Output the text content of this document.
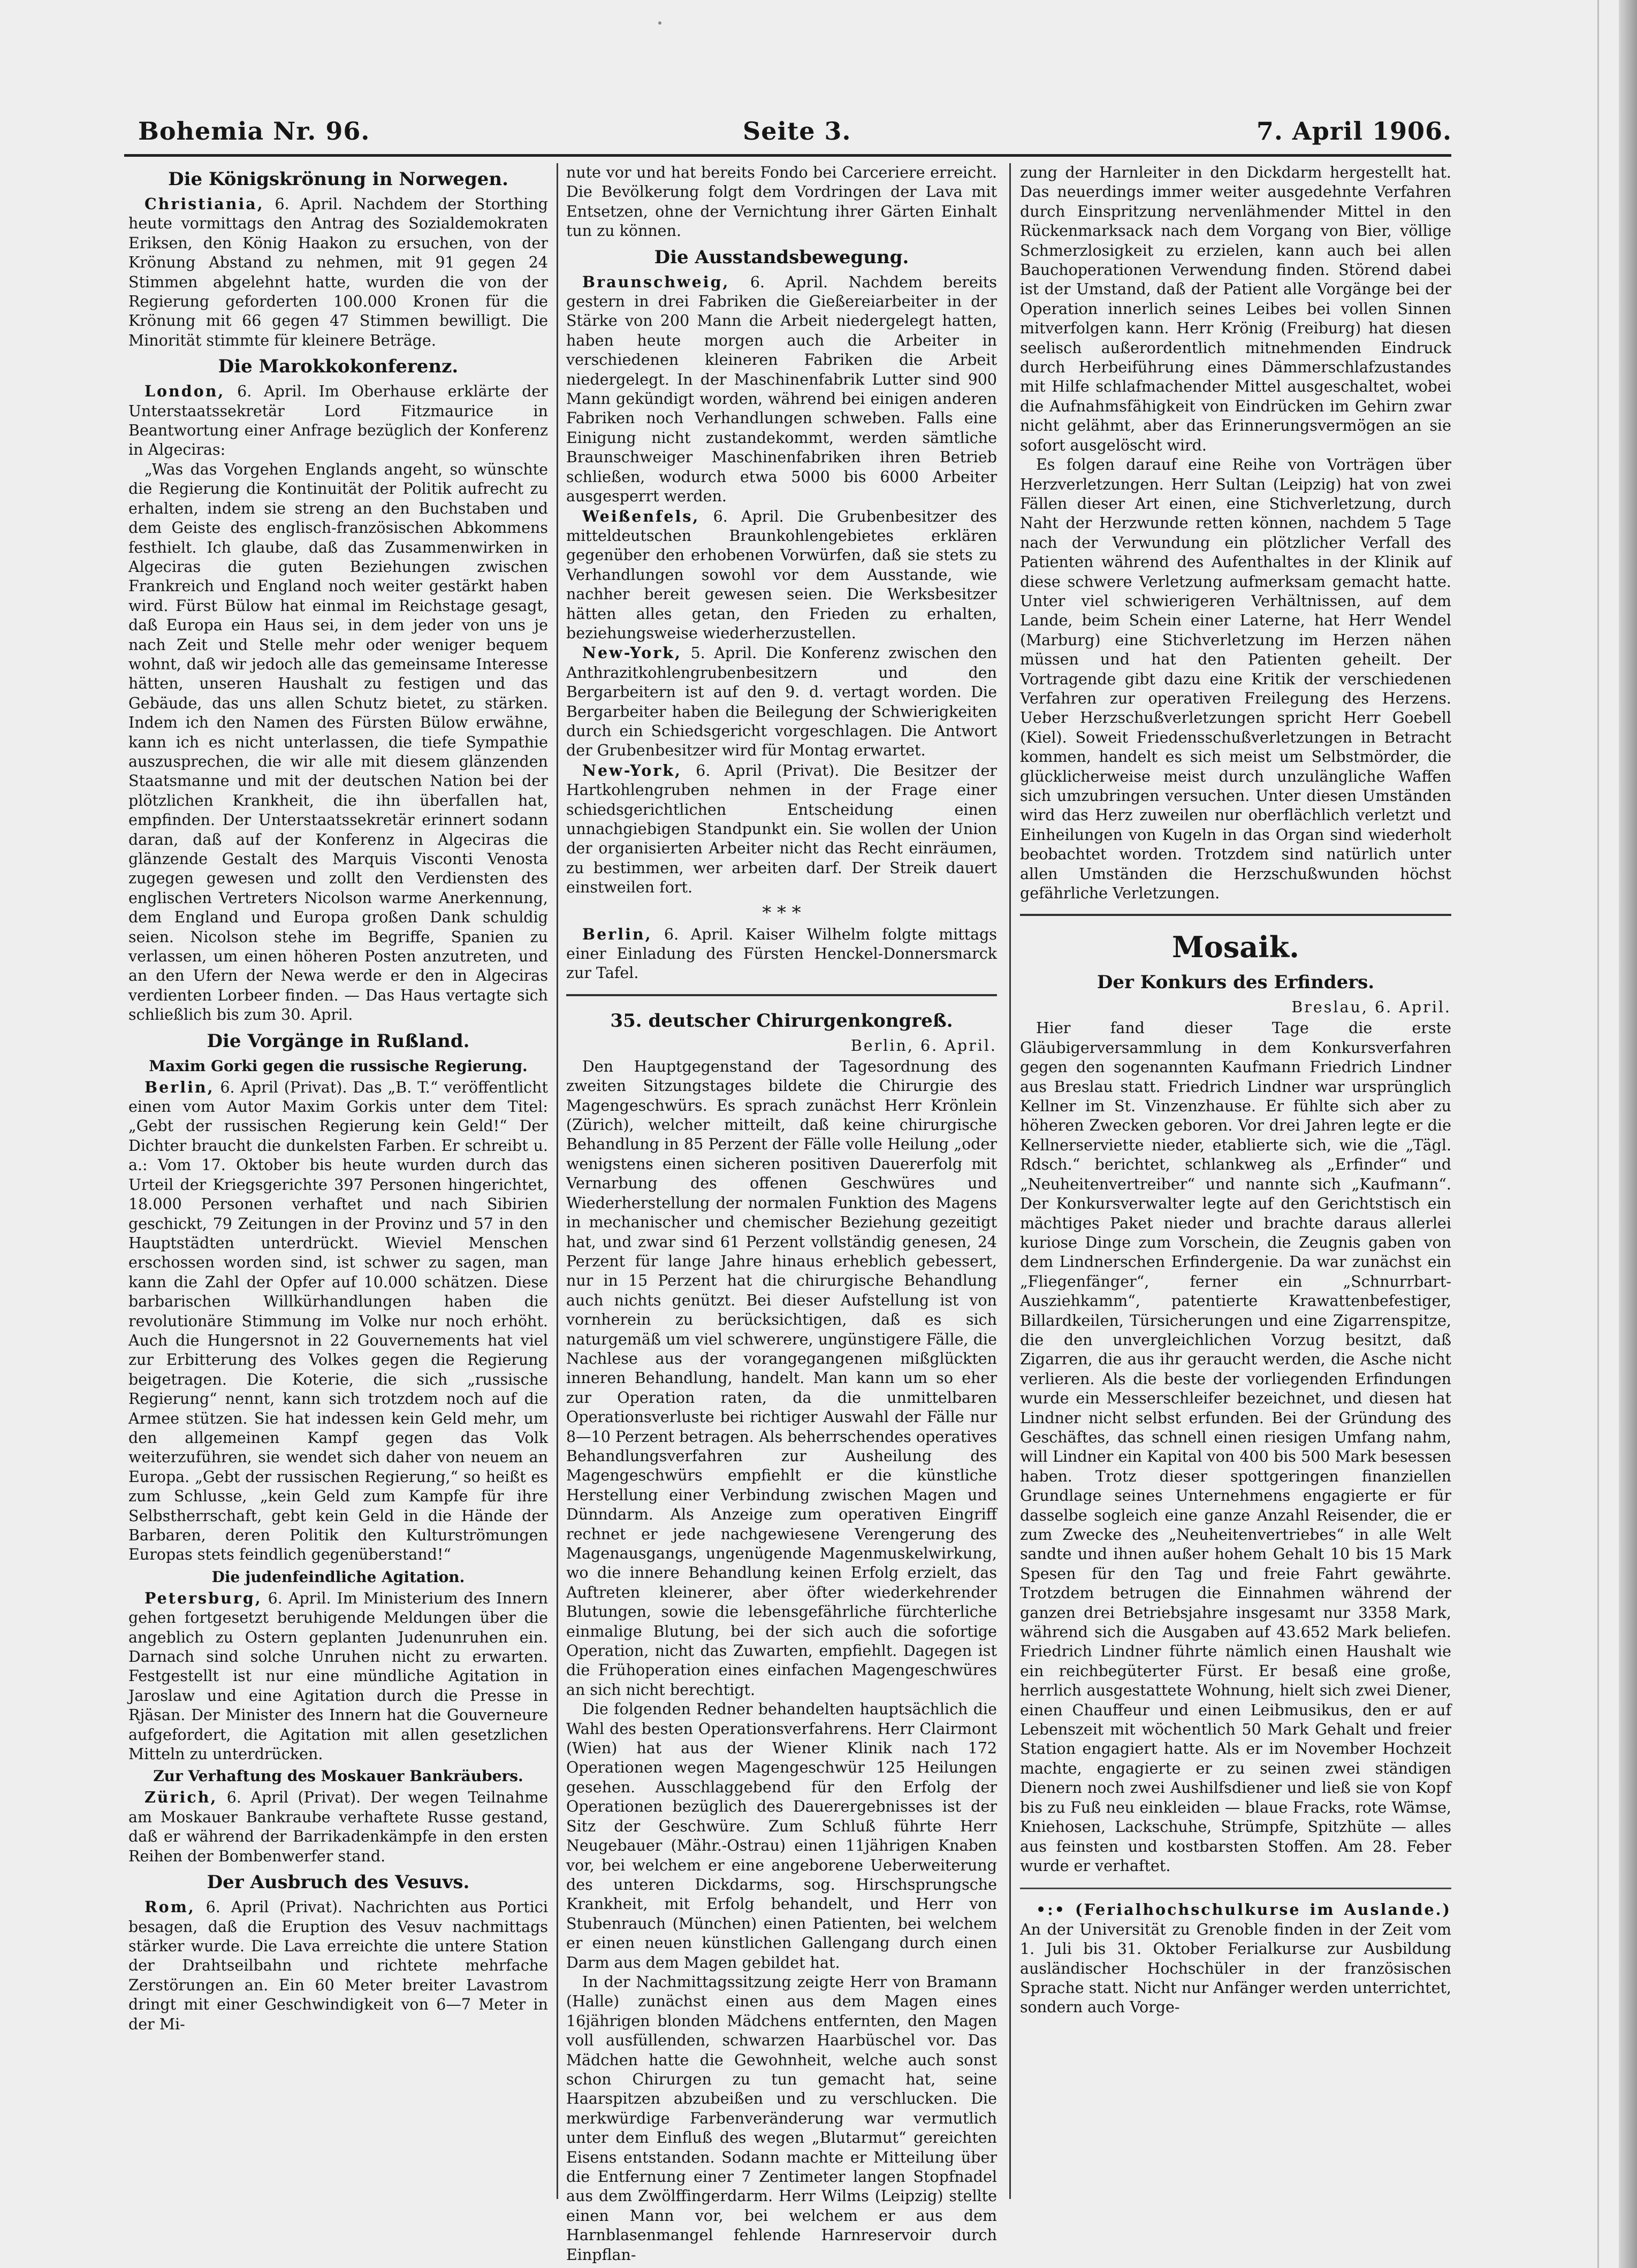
Bohemia Nr. 96.	Seite 3.	7. April 1906.
Die Königskrönung in Norwegen.

Christiania, 6. April. Nachdem der Storthing heute vormittags den Antrag des Sozialdemokraten Eriksen, den König Haakon zu ersuchen, von der Krönung Abstand zu nehmen, mit 91 gegen 24 Stimmen abgelehnt hatte, wurden die von der Regierung geforderten 100.000 Kronen für die Krönung mit 66 gegen 47 Stimmen bewilligt. Die Minorität stimmte für kleinere Beträge.

Die Marokkokonferenz.

London, 6. April. Im Oberhause erklärte der Unterstaatssekretär Lord Fitzmaurice in Beantwortung einer Anfrage bezüglich der Konferenz in Algeciras:

„Was das Vorgehen Englands angeht, so wünschte die Regierung die Kontinuität der Politik aufrecht zu erhalten, indem sie streng an den Buchstaben und dem Geiste des englisch-französischen Abkommens festhielt. Ich glaube, daß das Zusammenwirken in Algeciras die guten Beziehungen zwischen Frankreich und England noch weiter gestärkt haben wird. Fürst Bülow hat einmal im Reichstage gesagt, daß Europa ein Haus sei, in dem jeder von uns je nach Zeit und Stelle mehr oder weniger bequem wohnt, daß wir jedoch alle das gemeinsame Interesse hätten, unseren Haushalt zu festigen und das Gebäude, das uns allen Schutz bietet, zu stärken. Indem ich den Namen des Fürsten Bülow erwähne, kann ich es nicht unterlassen, die tiefe Sympathie auszusprechen, die wir alle mit diesem glänzenden Staatsmanne und mit der deutschen Nation bei der plötzlichen Krankheit, die ihn überfallen hat, empfinden. Der Unterstaatssekretär erinnert sodann daran, daß auf der Konferenz in Algeciras die glänzende Gestalt des Marquis Visconti Venosta zugegen gewesen und zollt den Verdiensten des englischen Vertreters Nicolson warme Anerkennung, dem England und Europa großen Dank schuldig seien. Nicolson stehe im Begriffe, Spanien zu verlassen, um einen höheren Posten anzutreten, und an den Ufern der Newa werde er den in Algeciras verdienten Lorbeer finden. — Das Haus vertagte sich schließlich bis zum 30. April.

Die Vorgänge in Rußland.
Maxim Gorki gegen die russische Regierung.

Berlin, 6. April (Privat). Das „B. T.“ veröffentlicht einen vom Autor Maxim Gorkis unter dem Titel: „Gebt der russischen Regierung kein Geld!“ Der Dichter braucht die dunkelsten Farben. Er schreibt u. a.: Vom 17. Oktober bis heute wurden durch das Urteil der Kriegsgerichte 397 Personen hingerichtet, 18.000 Personen verhaftet und nach Sibirien geschickt, 79 Zeitungen in der Provinz und 57 in den Hauptstädten unterdrückt. Wieviel Menschen erschossen worden sind, ist schwer zu sagen, man kann die Zahl der Opfer auf 10.000 schätzen. Diese barbarischen Willkürhandlungen haben die revolutionäre Stimmung im Volke nur noch erhöht. Auch die Hungersnot in 22 Gouvernements hat viel zur Erbitterung des Volkes gegen die Regierung beigetragen. Die Koterie, die sich „russische Regierung“ nennt, kann sich trotzdem noch auf die Armee stützen. Sie hat indessen kein Geld mehr, um den allgemeinen Kampf gegen das Volk weiterzuführen, sie wendet sich daher von neuem an Europa. „Gebt der russischen Regierung,“ so heißt es zum Schlusse, „kein Geld zum Kampfe für ihre Selbstherrschaft, gebt kein Geld in die Hände der Barbaren, deren Politik den Kulturströmungen Europas stets feindlich gegenüberstand!“

Die judenfeindliche Agitation.

Petersburg, 6. April. Im Ministerium des Innern gehen fortgesetzt beruhigende Meldungen über die angeblich zu Ostern geplanten Judenunruhen ein. Darnach sind solche Unruhen nicht zu erwarten. Festgestellt ist nur eine mündliche Agitation in Jaroslaw und eine Agitation durch die Presse in Rjäsan. Der Minister des Innern hat die Gouverneure aufgefordert, die Agitation mit allen gesetzlichen Mitteln zu unterdrücken.

Zur Verhaftung des Moskauer Bankräubers.

Zürich, 6. April (Privat). Der wegen Teilnahme am Moskauer Bankraube verhaftete Russe gestand, daß er während der Barrikadenkämpfe in den ersten Reihen der Bombenwerfer stand.

Der Ausbruch des Vesuvs.

Rom, 6. April (Privat). Nachrichten aus Portici besagen, daß die Eruption des Vesuv nachmittags stärker wurde. Die Lava erreichte die untere Station der Drahtseilbahn und richtete mehrfache Zerstörungen an. Ein 60 Meter breiter Lavastrom dringt mit einer Geschwindigkeit von 6—7 Meter in der Mi-

nute vor und hat bereits Fondo bei Carceriere erreicht. Die Bevölkerung folgt dem Vordringen der Lava mit Entsetzen, ohne der Vernichtung ihrer Gärten Einhalt tun zu können.

Die Ausstandsbewegung.

Braunschweig, 6. April. Nachdem bereits gestern in drei Fabriken die Gießereiarbeiter in der Stärke von 200 Mann die Arbeit niedergelegt hatten, haben heute morgen auch die Arbeiter in verschiedenen kleineren Fabriken die Arbeit niedergelegt. In der Maschinenfabrik Lutter sind 900 Mann gekündigt worden, während bei einigen anderen Fabriken noch Verhandlungen schweben. Falls eine Einigung nicht zustandekommt, werden sämtliche Braunschweiger Maschinenfabriken ihren Betrieb schließen, wodurch etwa 5000 bis 6000 Arbeiter ausgesperrt werden.

Weißenfels, 6. April. Die Grubenbesitzer des mitteldeutschen Braunkohlengebietes erklären gegenüber den erhobenen Vorwürfen, daß sie stets zu Verhandlungen sowohl vor dem Ausstande, wie nachher bereit gewesen seien. Die Werksbesitzer hätten alles getan, den Frieden zu erhalten, beziehungsweise wiederherzustellen.

New-York, 5. April. Die Konferenz zwischen den Anthrazitkohlengrubenbesitzern und den Bergarbeitern ist auf den 9. d. vertagt worden. Die Bergarbeiter haben die Beilegung der Schwierigkeiten durch ein Schiedsgericht vorgeschlagen. Die Antwort der Grubenbesitzer wird für Montag erwartet.

New-York, 6. April (Privat). Die Besitzer der Hartkohlengruben nehmen in der Frage einer schiedsgerichtlichen Entscheidung einen unnachgiebigen Standpunkt ein. Sie wollen der Union der organisierten Arbeiter nicht das Recht einräumen, zu bestimmen, wer arbeiten darf. Der Streik dauert einstweilen fort.

* * *

Berlin, 6. April. Kaiser Wilhelm folgte mittags einer Einladung des Fürsten Henckel-Donnersmarck zur Tafel.

35. deutscher Chirurgenkongreß.
Berlin, 6. April.

Den Hauptgegenstand der Tagesordnung des zweiten Sitzungstages bildete die Chirurgie des Magengeschwürs. Es sprach zunächst Herr Krönlein (Zürich), welcher mitteilt, daß keine chirurgische Behandlung in 85 Perzent der Fälle volle Heilung „oder wenigstens einen sicheren positiven Dauererfolg mit Vernarbung des offenen Geschwüres und Wiederherstellung der normalen Funktion des Magens in mechanischer und chemischer Beziehung gezeitigt hat, und zwar sind 61 Perzent vollständig genesen, 24 Perzent für lange Jahre hinaus erheblich gebessert, nur in 15 Perzent hat die chirurgische Behandlung auch nichts genützt. Bei dieser Aufstellung ist von vornherein zu berücksichtigen, daß es sich naturgemäß um viel schwerere, ungünstigere Fälle, die Nachlese aus der vorangegangenen mißglückten inneren Behandlung, handelt. Man kann um so eher zur Operation raten, da die unmittelbaren Operationsverluste bei richtiger Auswahl der Fälle nur 8—10 Perzent betragen. Als beherrschendes operatives Behandlungsverfahren zur Ausheilung des Magengeschwürs empfiehlt er die künstliche Herstellung einer Verbindung zwischen Magen und Dünndarm. Als Anzeige zum operativen Eingriff rechnet er jede nachgewiesene Verengerung des Magenausgangs, ungenügende Magenmuskelwirkung, wo die innere Behandlung keinen Erfolg erzielt, das Auftreten kleinerer, aber öfter wiederkehrender Blutungen, sowie die lebensgefährliche fürchterliche einmalige Blutung, bei der sich auch die sofortige Operation, nicht das Zuwarten, empfiehlt. Dagegen ist die Frühoperation eines einfachen Magengeschwüres an sich nicht berechtigt.

Die folgenden Redner behandelten hauptsächlich die Wahl des besten Operationsverfahrens. Herr Clairmont (Wien) hat aus der Wiener Klinik nach 172 Operationen wegen Magengeschwür 125 Heilungen gesehen. Ausschlaggebend für den Erfolg der Operationen bezüglich des Dauerergebnisses ist der Sitz der Geschwüre. Zum Schluß führte Herr Neugebauer (Mähr.-Ostrau) einen 11jährigen Knaben vor, bei welchem er eine angeborene Ueberweiterung des unteren Dickdarms, sog. Hirschsprungsche Krankheit, mit Erfolg behandelt, und Herr von Stubenrauch (München) einen Patienten, bei welchem er einen neuen künstlichen Gallengang durch einen Darm aus dem Magen gebildet hat.

In der Nachmittagssitzung zeigte Herr von Bramann (Halle) zunächst einen aus dem Magen eines 16jährigen blonden Mädchens entfernten, den Magen voll ausfüllenden, schwarzen Haarbüschel vor. Das Mädchen hatte die Gewohnheit, welche auch sonst schon Chirurgen zu tun gemacht hat, seine Haarspitzen abzubeißen und zu verschlucken. Die merkwürdige Farbenveränderung war vermutlich unter dem Einfluß des wegen „Blutarmut“ gereichten Eisens entstanden. Sodann machte er Mitteilung über die Entfernung einer 7 Zentimeter langen Stopfnadel aus dem Zwölffingerdarm. Herr Wilms (Leipzig) stellte einen Mann vor, bei welchem er aus dem Harnblasenmangel fehlende Harnreservoir durch Einpflan-

zung der Harnleiter in den Dickdarm hergestellt hat. Das neuerdings immer weiter ausgedehnte Verfahren durch Einspritzung nervenlähmender Mittel in den Rückenmarksack nach dem Vorgang von Bier, völlige Schmerzlosigkeit zu erzielen, kann auch bei allen Bauchoperationen Verwendung finden. Störend dabei ist der Umstand, daß der Patient alle Vorgänge bei der Operation innerlich seines Leibes bei vollen Sinnen mitverfolgen kann. Herr Krönig (Freiburg) hat diesen seelisch außerordentlich mitnehmenden Eindruck durch Herbeiführung eines Dämmerschlafzustandes mit Hilfe schlafmachender Mittel ausgeschaltet, wobei die Aufnahmsfähigkeit von Eindrücken im Gehirn zwar nicht gelähmt, aber das Erinnerungsvermögen an sie sofort ausgelöscht wird.

Es folgen darauf eine Reihe von Vorträgen über Herzverletzungen. Herr Sultan (Leipzig) hat von zwei Fällen dieser Art einen, eine Stichverletzung, durch Naht der Herzwunde retten können, nachdem 5 Tage nach der Verwundung ein plötzlicher Verfall des Patienten während des Aufenthaltes in der Klinik auf diese schwere Verletzung aufmerksam gemacht hatte. Unter viel schwierigeren Verhältnissen, auf dem Lande, beim Schein einer Laterne, hat Herr Wendel (Marburg) eine Stichverletzung im Herzen nähen müssen und hat den Patienten geheilt. Der Vortragende gibt dazu eine Kritik der verschiedenen Verfahren zur operativen Freilegung des Herzens. Ueber Herzschußverletzungen spricht Herr Goebell (Kiel). Soweit Friedensschußverletzungen in Betracht kommen, handelt es sich meist um Selbstmörder, die glücklicherweise meist durch unzulängliche Waffen sich umzubringen versuchen. Unter diesen Umständen wird das Herz zuweilen nur oberflächlich verletzt und Einheilungen von Kugeln in das Organ sind wiederholt beobachtet worden. Trotzdem sind natürlich unter allen Umständen die Herzschußwunden höchst gefährliche Verletzungen.

Mosaik.
Der Konkurs des Erfinders.
Breslau, 6. April.

Hier fand dieser Tage die erste Gläubigerversammlung in dem Konkursverfahren gegen den sogenannten Kaufmann Friedrich Lindner aus Breslau statt. Friedrich Lindner war ursprünglich Kellner im St. Vinzenzhause. Er fühlte sich aber zu höheren Zwecken geboren. Vor drei Jahren legte er die Kellnerserviette nieder, etablierte sich, wie die „Tägl. Rdsch.“ berichtet, schlankweg als „Erfinder“ und „Neuheitenvertreiber“ und nannte sich „Kaufmann“. Der Konkursverwalter legte auf den Gerichtstisch ein mächtiges Paket nieder und brachte daraus allerlei kuriose Dinge zum Vorschein, die Zeugnis gaben von dem Lindnerschen Erfindergenie. Da war zunächst ein „Fliegenfänger“, ferner ein „Schnurrbart-Ausziehkamm“, patentierte Krawattenbefestiger, Billardkeilen, Türsicherungen und eine Zigarrenspitze, die den unvergleichlichen Vorzug besitzt, daß Zigarren, die aus ihr geraucht werden, die Asche nicht verlieren. Als die beste der vorliegenden Erfindungen wurde ein Messerschleifer bezeichnet, und diesen hat Lindner nicht selbst erfunden. Bei der Gründung des Geschäftes, das schnell einen riesigen Umfang nahm, will Lindner ein Kapital von 400 bis 500 Mark besessen haben. Trotz dieser spottgeringen finanziellen Grundlage seines Unternehmens engagierte er für dasselbe sogleich eine ganze Anzahl Reisender, die er zum Zwecke des „Neuheitenvertriebes“ in alle Welt sandte und ihnen außer hohem Gehalt 10 bis 15 Mark Spesen für den Tag und freie Fahrt gewährte. Trotzdem betrugen die Einnahmen während der ganzen drei Betriebsjahre insgesamt nur 3358 Mark, während sich die Ausgaben auf 43.652 Mark beliefen. Friedrich Lindner führte nämlich einen Haushalt wie ein reichbegüterter Fürst. Er besaß eine große, herrlich ausgestattete Wohnung, hielt sich zwei Diener, einen Chauffeur und einen Leibmusikus, den er auf Lebenszeit mit wöchentlich 50 Mark Gehalt und freier Station engagiert hatte. Als er im November Hochzeit machte, engagierte er zu seinen zwei ständigen Dienern noch zwei Aushilfsdiener und ließ sie von Kopf bis zu Fuß neu einkleiden — blaue Fracks, rote Wämse, Kniehosen, Lackschuhe, Strümpfe, Spitzhüte — alles aus feinsten und kostbarsten Stoffen. Am 28. Feber wurde er verhaftet.

•:• (Ferialhochschulkurse im Auslande.) An der Universität zu Grenoble finden in der Zeit vom 1. Juli bis 31. Oktober Ferialkurse zur Ausbildung ausländischer Hochschüler in der französischen Sprache statt. Nicht nur Anfänger werden unterrichtet, sondern auch Vorge-
